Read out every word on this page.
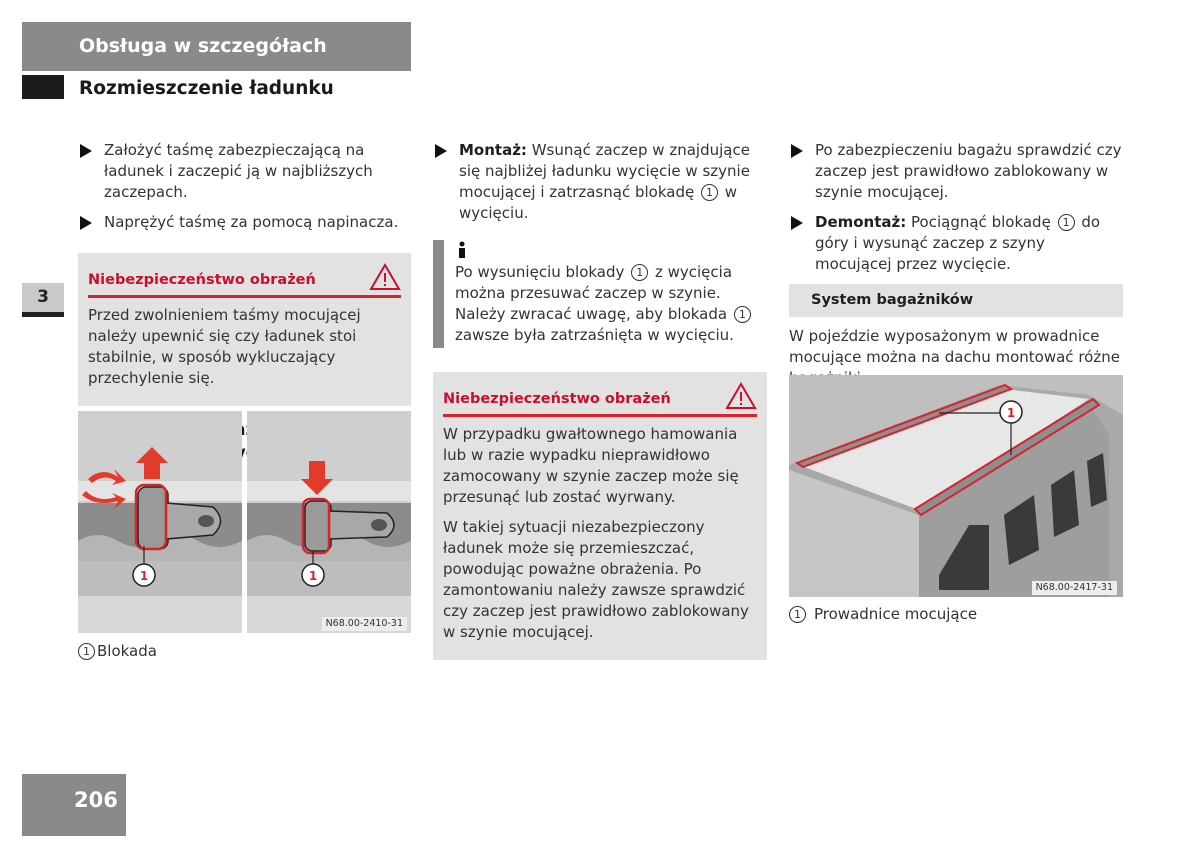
Obsługa w szczegółach
Rozmieszczenie ładunku
3
206
Założyć taśmę zabezpieczającą na ładunek i zaczepić ją w najbliższych zaczepach.
Naprężyć taśmę za pomocą napinacza.
Niebezpieczeństwo obrażeń

Przed zwolnieniem taśmy mocującej należy upewnić się czy ładunek stoi stabilnie, w sposób wykluczający przechylenie się.

1	1
N68.00-2410-31
1 Blokada
Montaż: Wsunąć zaczep w znajdujące się najbliżej ładunku wycięcie w szynie mocującej i zatrzasnąć blokadę 1 w wycięciu.
Po wysunięciu blokady 1 z wycięcia można przesuwać zaczep w szynie. Należy zwracać uwagę, aby blokada 1 zawsze była zatrzaśnięta w wycięciu.
Niebezpieczeństwo obrażeń

W przypadku gwałtownego hamowania lub w razie wypadku nieprawidłowo zamocowany w szynie zaczep może się przesunąć lub zostać wyrwany.

W takiej sytuacji niezabezpieczony ładunek może się przemieszczać, powodując poważne obrażenia. Po zamontowaniu należy zawsze sprawdzić czy zaczep jest prawidłowo zablokowany w szynie mocującej.

Po zabezpieczeniu bagażu sprawdzić czy zaczep jest prawidłowo zablokowany w szynie mocującej.
Demontaż: Pociągnąć blokadę 1 do góry i wysunąć zaczep z szyny mocującej przez wycięcie.
System bagażników
W pojeździe wyposażonym w prowadnice mocujące można na dachu montować różne
1
N68.00-2417-31
1 Prowadnice mocujące
